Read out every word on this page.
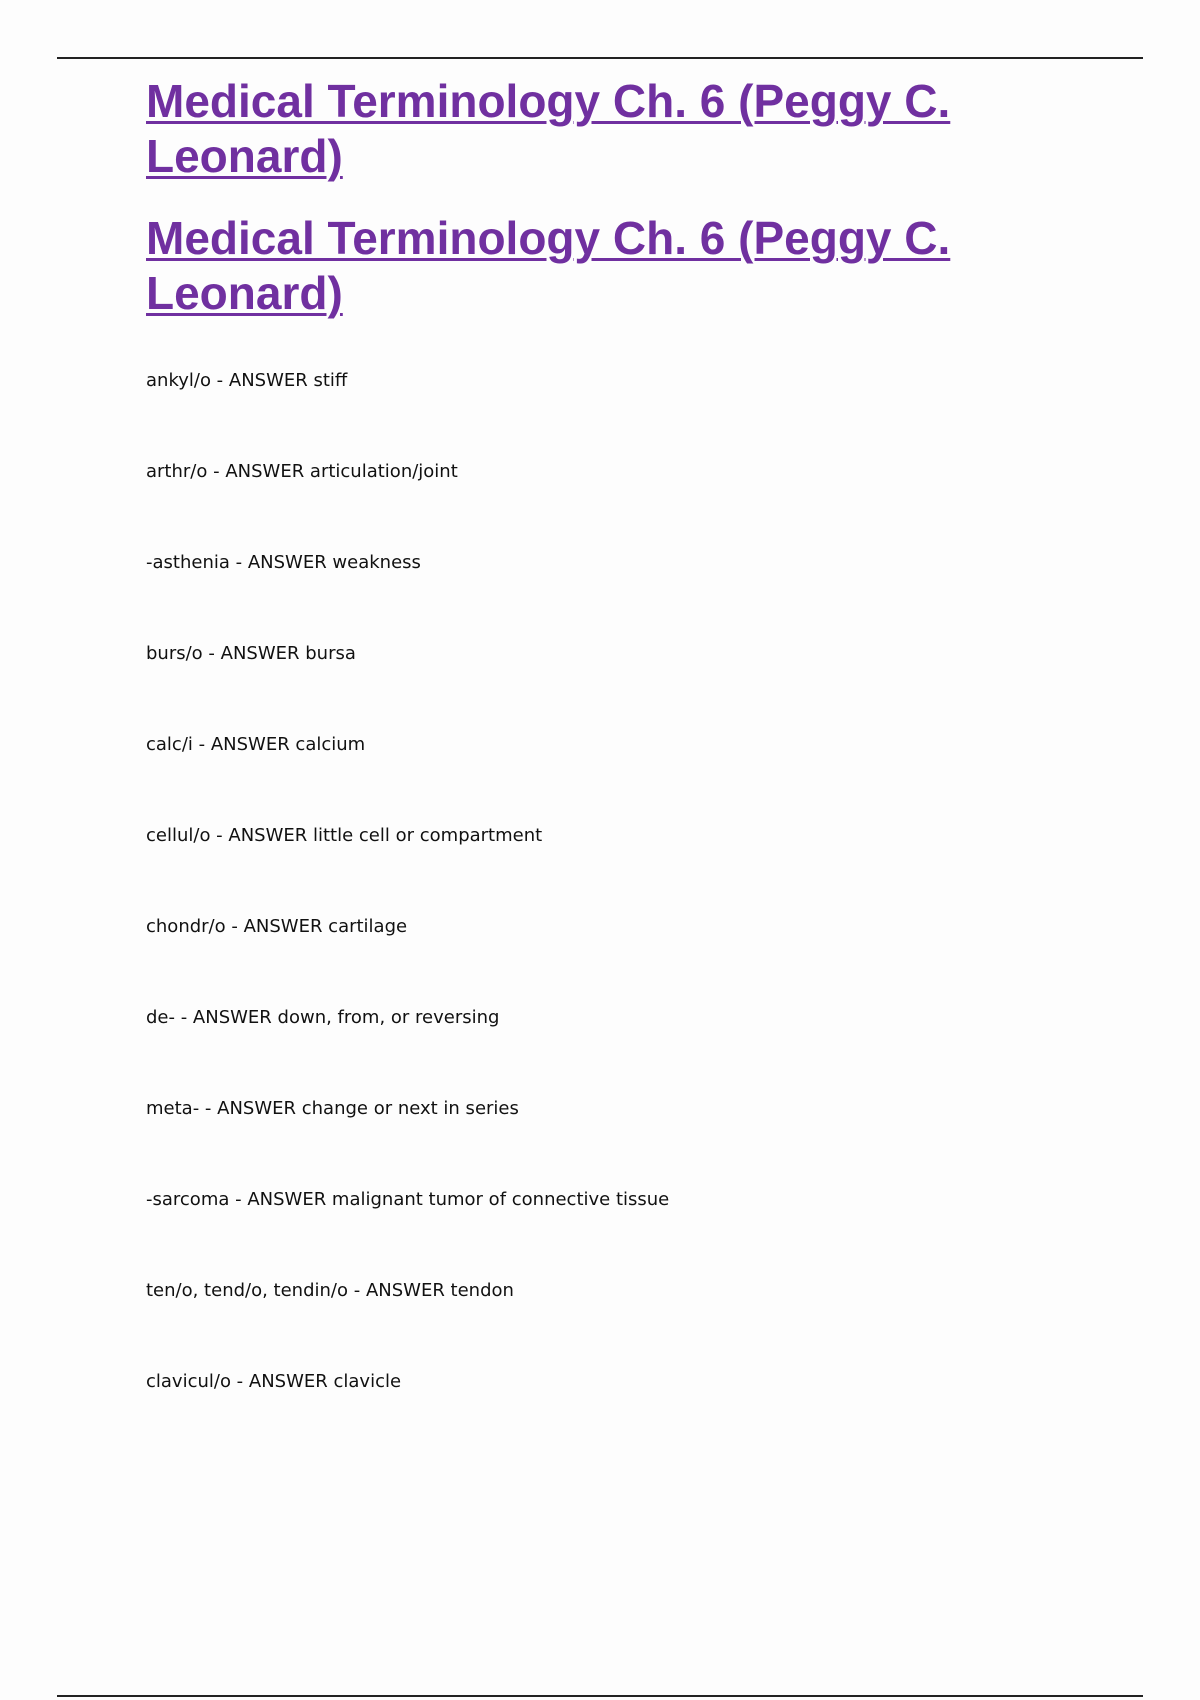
Medical Terminology Ch. 6 (Peggy C. Leonard)
Medical Terminology Ch. 6 (Peggy C. Leonard)
ankyl/o - ANSWER stiff
arthr/o - ANSWER articulation/joint
-asthenia - ANSWER weakness
burs/o - ANSWER bursa
calc/i - ANSWER calcium
cellul/o - ANSWER little cell or compartment
chondr/o - ANSWER cartilage
de- - ANSWER down, from, or reversing
meta- - ANSWER change or next in series
-sarcoma - ANSWER malignant tumor of connective tissue
ten/o, tend/o, tendin/o - ANSWER tendon
clavicul/o - ANSWER clavicle
